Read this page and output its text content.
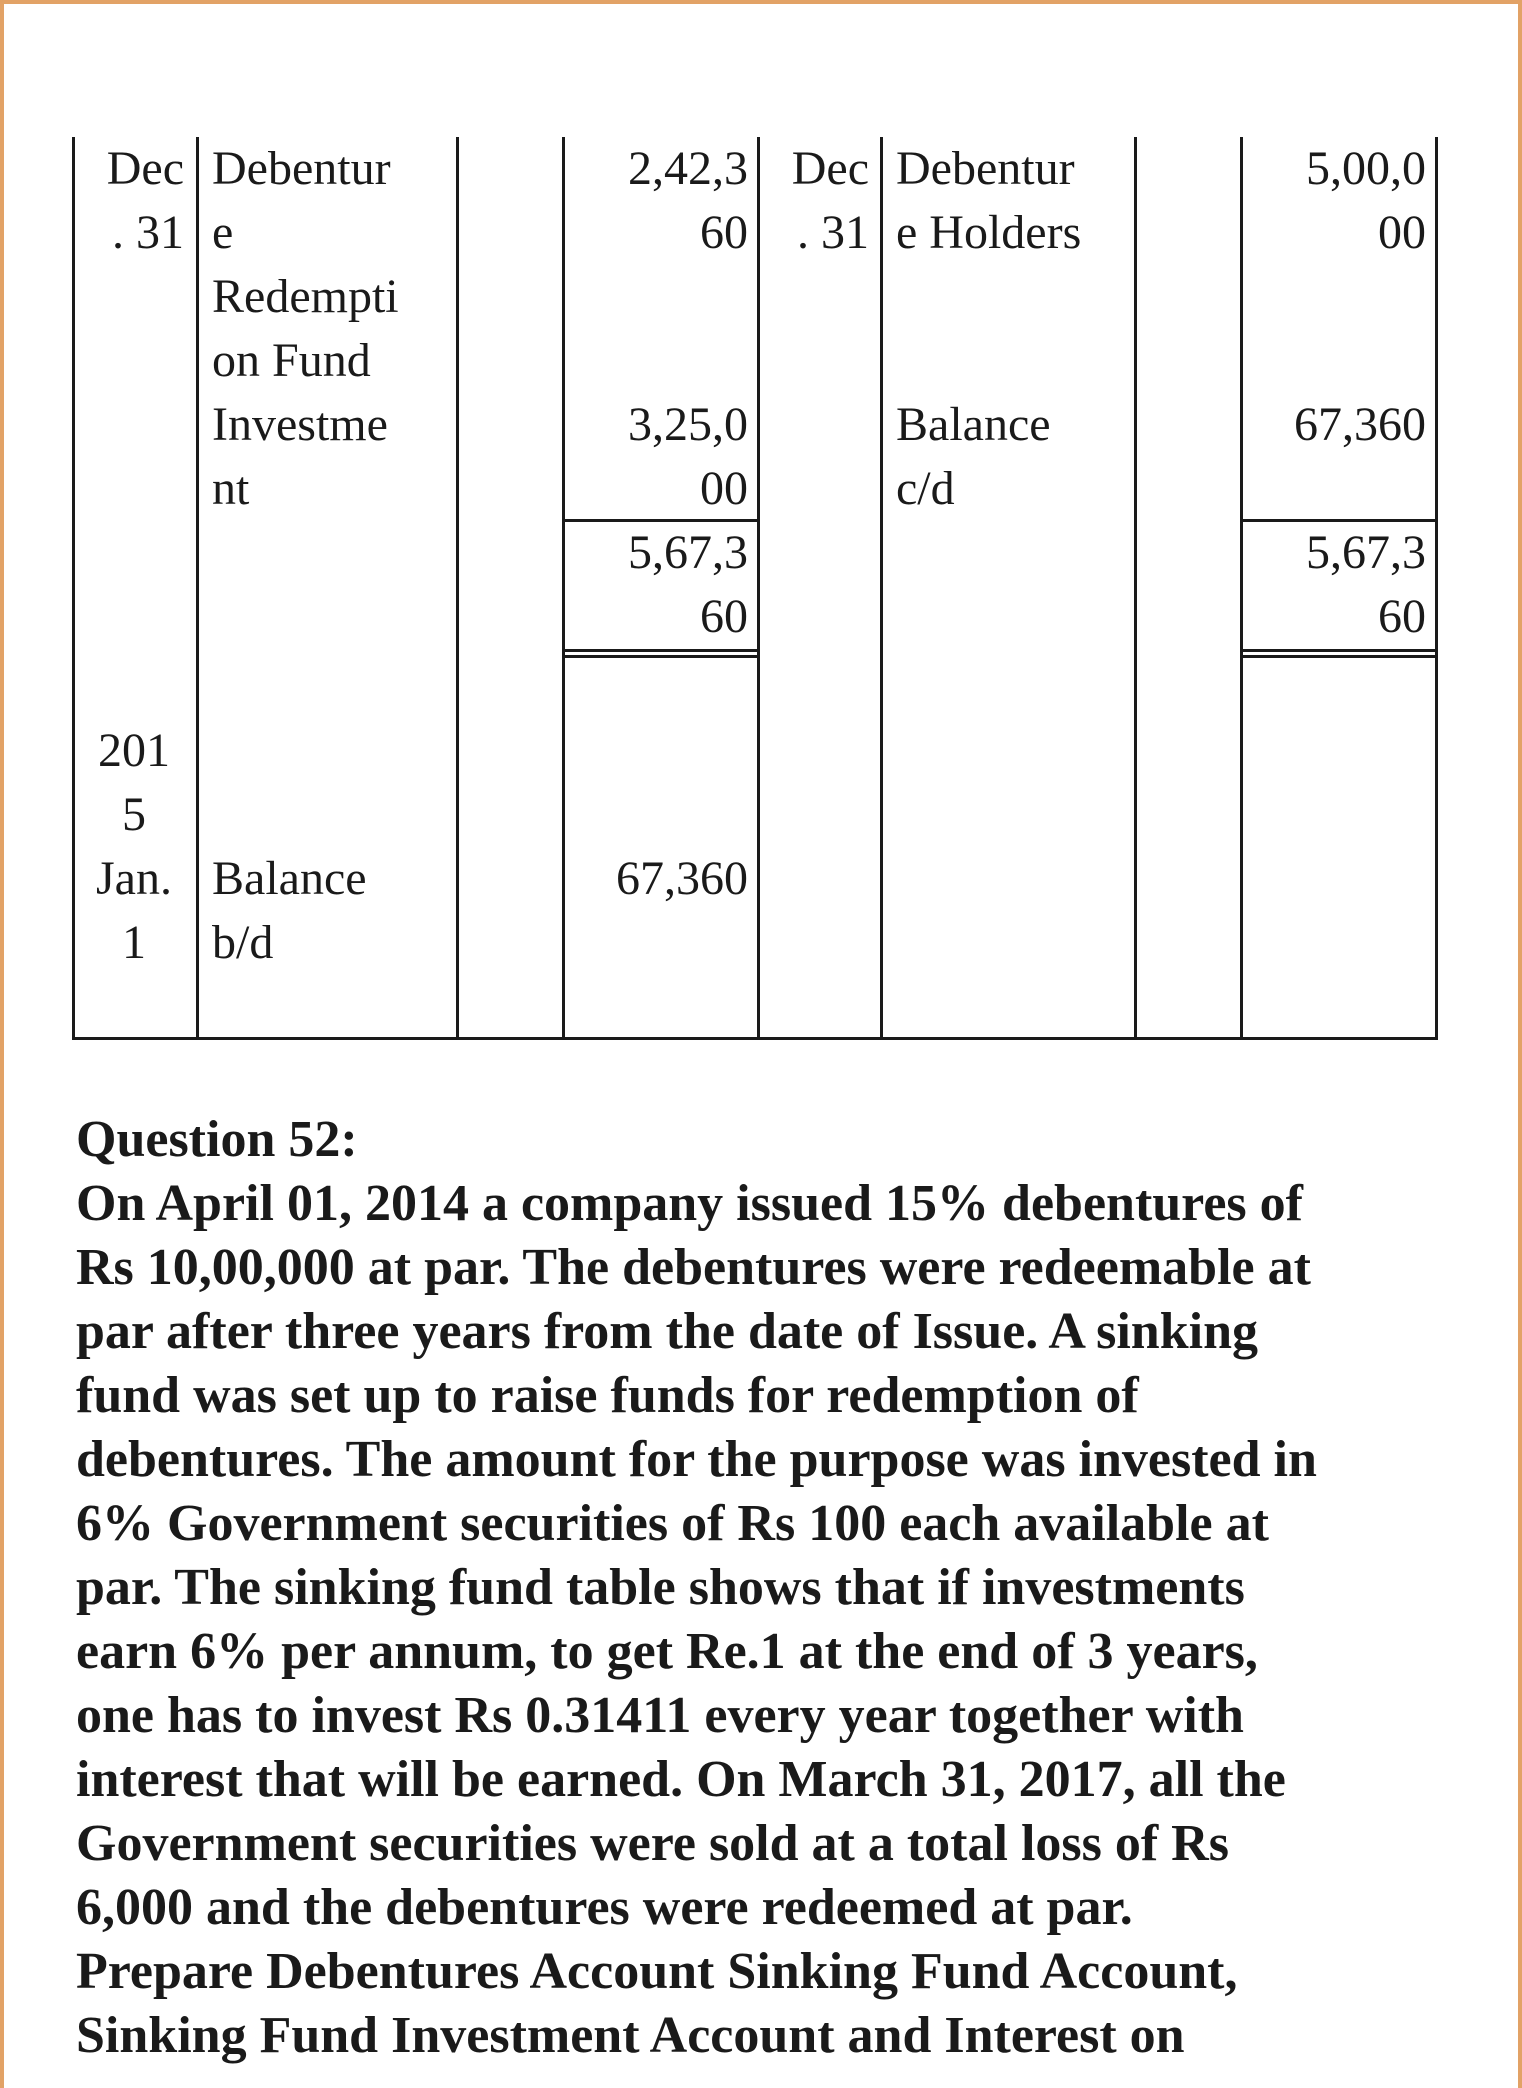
Dec
. 31
Debentur
e
Redempti
on Fund
2,42,3
60
Dec
. 31
Debentur
e Holders
5,00,0
00
Investme
nt
3,25,0
00
Balance
c/d
67,360
5,67,3
60
5,67,3
60
201
5
Jan.
1
Balance
b/d
67,360
Question 52:
On April 01, 2014 a company issued 15% debentures of
Rs 10,00,000 at par. The debentures were redeemable at
par after three years from the date of Issue. A sinking
fund was set up to raise funds for redemption of
debentures. The amount for the purpose was invested in
6% Government securities of Rs 100 each available at
par. The sinking fund table shows that if investments
earn 6% per annum, to get Re.1 at the end of 3 years,
one has to invest Rs 0.31411 every year together with
interest that will be earned. On March 31, 2017, all the
Government securities were sold at a total loss of Rs
6,000 and the debentures were redeemed at par.
Prepare Debentures Account Sinking Fund Account,
Sinking Fund Investment Account and Interest on
